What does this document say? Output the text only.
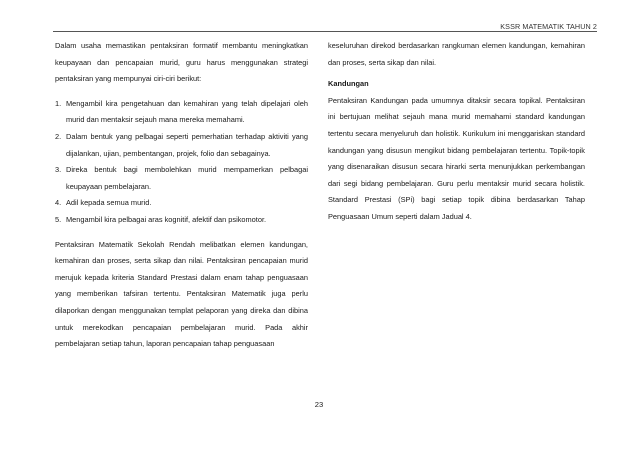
KSSR MATEMATIK TAHUN 2

Dalam usaha memastikan pentaksiran formatif membantu meningkatkan keupayaan dan pencapaian murid, guru harus menggunakan strategi pentaksiran yang mempunyai ciri-ciri berikut:

1. Mengambil kira pengetahuan dan kemahiran yang telah dipelajari oleh murid dan mentaksir sejauh mana mereka memahami.
2. Dalam bentuk yang pelbagai seperti pemerhatian terhadap aktiviti yang dijalankan, ujian, pembentangan, projek, folio dan sebagainya.
3. Direka bentuk bagi membolehkan murid mempamerkan pelbagai keupayaan pembelajaran.
4. Adil kepada semua murid.
5. Mengambil kira pelbagai aras kognitif, afektif dan psikomotor.

Pentaksiran Matematik Sekolah Rendah melibatkan elemen kandungan, kemahiran dan proses, serta sikap dan nilai. Pentaksiran pencapaian murid merujuk kepada kriteria Standard Prestasi dalam enam tahap penguasaan yang memberikan tafsiran tertentu. Pentaksiran Matematik juga perlu dilaporkan dengan menggunakan templat pelaporan yang direka dan dibina untuk merekodkan pencapaian pembelajaran murid. Pada akhir pembelajaran setiap tahun, laporan pencapaian tahap penguasaan

keseluruhan direkod berdasarkan rangkuman elemen kandungan, kemahiran dan proses, serta sikap dan nilai.

Kandungan

Pentaksiran Kandungan pada umumnya ditaksir secara topikal. Pentaksiran ini bertujuan melihat sejauh mana murid memahami standard kandungan tertentu secara menyeluruh dan holistik. Kurikulum ini menggariskan standard kandungan yang disusun mengikut bidang pembelajaran tertentu. Topik-topik yang disenaraikan disusun secara hirarki serta menunjukkan perkembangan dari segi bidang pembelajaran. Guru perlu mentaksir murid secara holistik. Standard Prestasi (SPi) bagi setiap topik dibina berdasarkan Tahap Penguasaan Umum seperti dalam Jadual 4.

23
